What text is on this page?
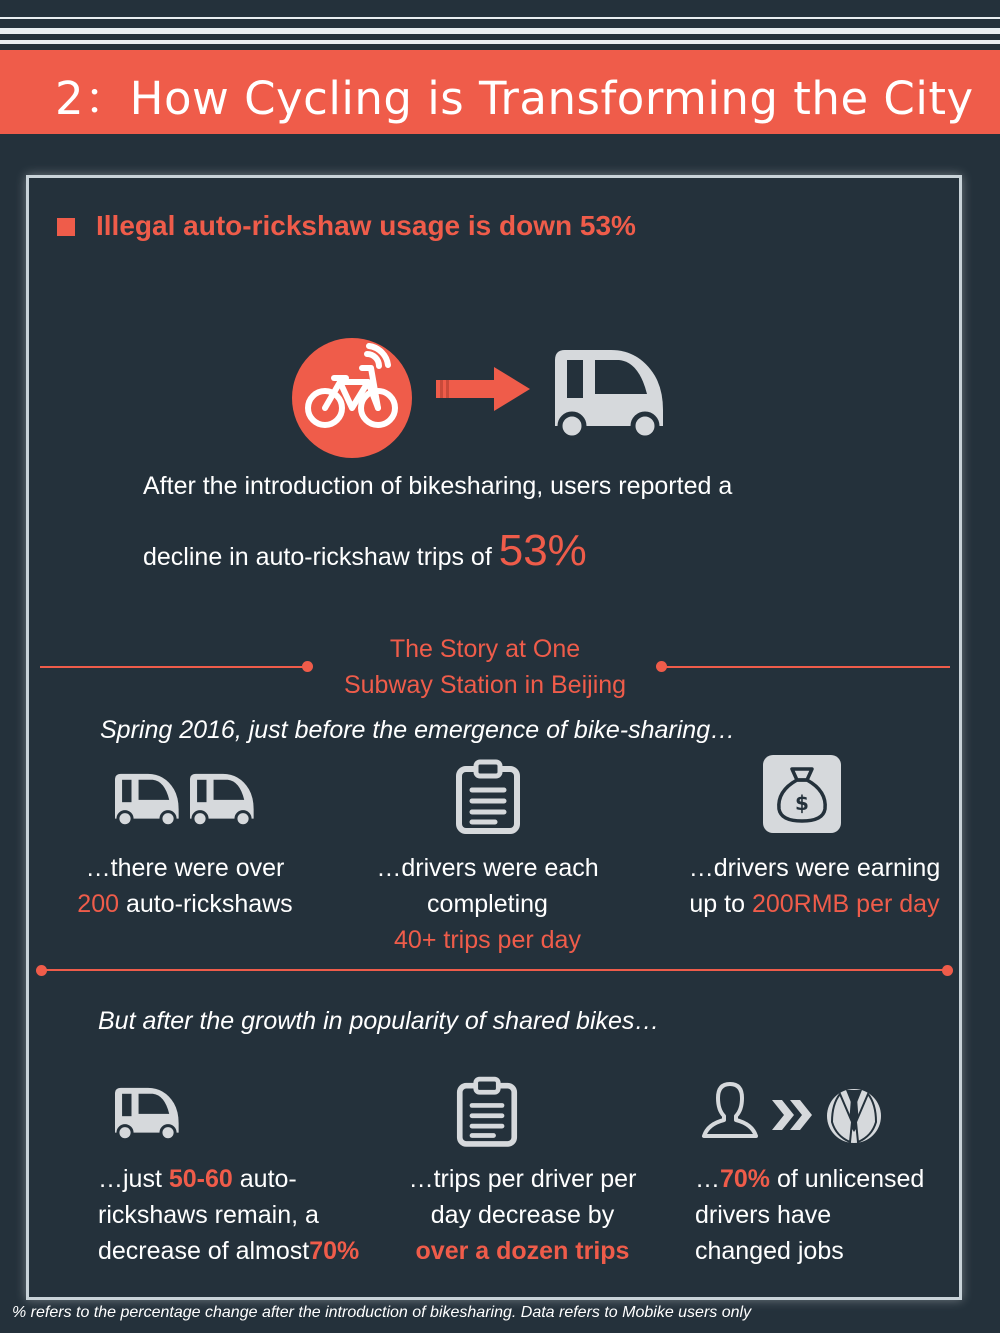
2：How Cycling is Transforming the City
Illegal auto-rickshaw usage is down 53%
After the introduction of bikesharing, users reported a
decline in auto-rickshaw trips of 53%
The Story at One
Subway Station in Beijing
Spring 2016, just before the emergence of bike-sharing…
$
…there were over
200 auto-rickshaws
…drivers were each
completing
40+ trips per day
…drivers were earning
up to 200RMB per day
But after the growth in popularity of shared bikes…
…just 50-60 auto-
rickshaws remain, a
decrease of almost70%
…trips per driver per
day decrease by
over a dozen trips
…70% of unlicensed
drivers have
changed jobs
% refers to the percentage change after the introduction of bikesharing. Data refers to Mobike users only
